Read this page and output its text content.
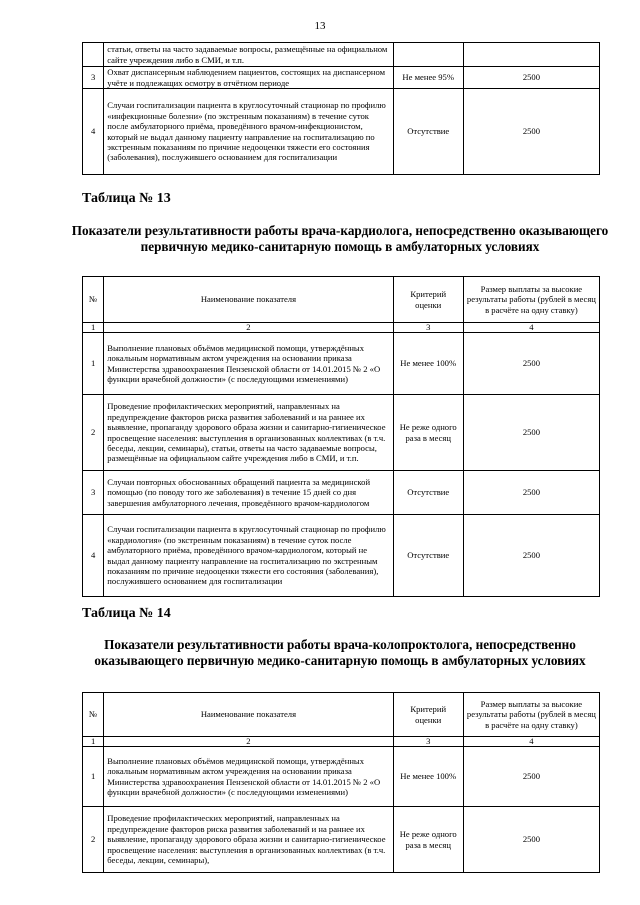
13
	статьи, ответы на часто задаваемые вопросы, размещённые на официальном сайте учреждения либо в СМИ, и т.п.		
3	Охват диспансерным наблюдением пациентов, состоящих на диспансерном учёте и подлежащих осмотру в отчётном периоде	Не менее 95%	2500
4	Случаи госпитализации пациента в круглосуточный стационар по профилю «инфекционные болезни» (по экстренным показаниям) в течение суток после амбулаторного приёма, проведённого врачом-инфекционистом, который не выдал данному пациенту направление на госпитализацию по экстренным показаниям по причине недооценки тяжести его состояния (заболевания), послужившего основанием для госпитализации	Отсутствие	2500
Таблица № 13
Показатели результативности работы врача-кардиолога, непосредственно оказывающего первичную медико-санитарную помощь в амбулаторных условиях
№	Наименование показателя	Критерий оценки	Размер выплаты за высокие результаты работы (рублей в месяц в расчёте на одну ставку)
1	2	3	4
1	Выполнение плановых объёмов медицинской помощи, утверждённых локальным нормативным актом учреждения на основании приказа Министерства здравоохранения Пензенской области от 14.01.2015 № 2 «О функции врачебной должности» (с последующими изменениями)	Не менее 100%	2500
2	Проведение профилактических мероприятий, направленных на предупреждение факторов риска развития заболеваний и на раннее их выявление, пропаганду здорового образа жизни и санитарно-гигиеническое просвещение населения: выступления в организованных коллективах (в т.ч. беседы, лекции, семинары), статьи, ответы на часто задаваемые вопросы, размещённые на официальном сайте учреждения либо в СМИ, и т.п.	Не реже одного раза в месяц	2500
3	Случаи повторных обоснованных обращений пациента за медицинской помощью (по поводу того же заболевания) в течение 15 дней со дня завершения амбулаторного лечения, проведённого врачом-кардиологом	Отсутствие	2500
4	Случаи госпитализации пациента в круглосуточный стационар по профилю «кардиология» (по экстренным показаниям) в течение суток после амбулаторного приёма, проведённого врачом-кардиологом, который не выдал данному пациенту направление на госпитализацию по экстренным показаниям по причине недооценки тяжести его состояния (заболевания), послужившего основанием для госпитализации	Отсутствие	2500
Таблица № 14
Показатели результативности работы врача-колопроктолога, непосредственно оказывающего первичную медико-санитарную помощь в амбулаторных условиях
№	Наименование показателя	Критерий оценки	Размер выплаты за высокие результаты работы (рублей в месяц в расчёте на одну ставку)
1	2	3	4
1	Выполнение плановых объёмов медицинской помощи, утверждённых локальным нормативным актом учреждения на основании приказа Министерства здравоохранения Пензенской области от 14.01.2015 № 2 «О функции врачебной должности» (с последующими изменениями)	Не менее 100%	2500
2	Проведение профилактических мероприятий, направленных на предупреждение факторов риска развития заболеваний и на раннее их выявление, пропаганду здорового образа жизни и санитарно-гигиеническое просвещение населения: выступления в организованных коллективах (в т.ч. беседы, лекции, семинары),	Не реже одного раза в месяц	2500
